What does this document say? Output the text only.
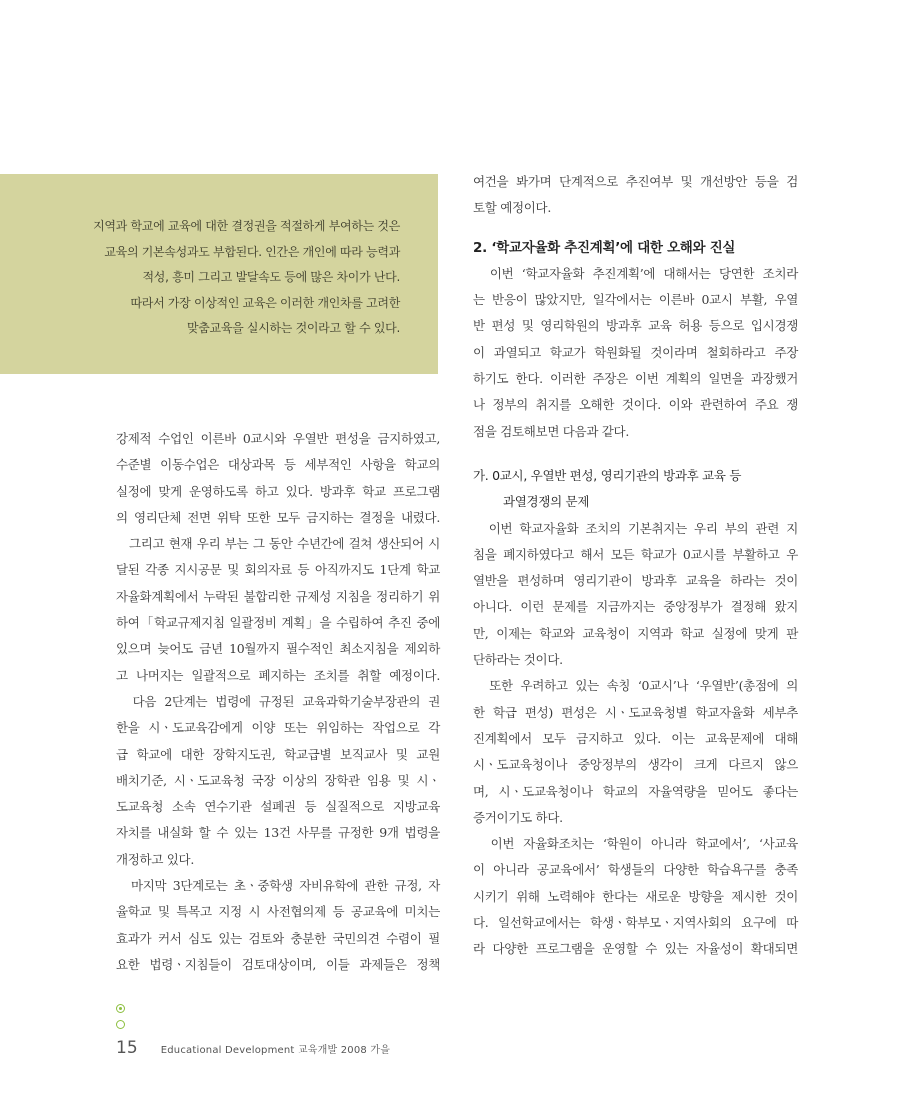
지역과 학교에 교육에 대한 결정권을 적절하게 부여하는 것은
교육의 기본속성과도 부합된다. 인간은 개인에 따라 능력과
적성, 흥미 그리고 발달속도 등에 많은 차이가 난다.
따라서 가장 이상적인 교육은 이러한 개인차를 고려한
맞춤교육을 실시하는 것이라고 할 수 있다.
강제적 수업인 이른바 0교시와 우열반 편성을 금지하였고,
수준별 이동수업은 대상과목 등 세부적인 사항을 학교의
실정에 맞게 운영하도록 하고 있다. 방과후 학교 프로그램
의 영리단체 전면 위탁 또한 모두 금지하는 결정을 내렸다.
　그리고 현재 우리 부는 그 동안 수년간에 걸쳐 생산되어 시
달된 각종 지시공문 및 회의자료 등 아직까지도 1단계 학교
자율화계획에서 누락된 불합리한 규제성 지침을 정리하기 위
하여「학교규제지침 일괄정비 계획」을 수립하여 추진 중에
있으며 늦어도 금년 10월까지 필수적인 최소지침을 제외하
고 나머지는 일괄적으로 폐지하는 조치를 취할 예정이다.
　다음 2단계는 법령에 규정된 교육과학기술부장관의 권
한을 시ㆍ도교육감에게 이양 또는 위임하는 작업으로 각
급 학교에 대한 장학지도권, 학교급별 보직교사 및 교원
배치기준, 시ㆍ도교육청 국장 이상의 장학관 임용 및 시ㆍ
도교육청 소속 연수기관 설폐권 등 실질적으로 지방교육
자치를 내실화 할 수 있는 13건 사무를 규정한 9개 법령을
개정하고 있다.
　마지막 3단계로는 초ㆍ중학생 자비유학에 관한 규정, 자
율학교 및 특목고 지정 시 사전협의제 등 공교육에 미치는
효과가 커서 심도 있는 검토와 충분한 국민의견 수렴이 필
요한 법령ㆍ지침들이 검토대상이며, 이들 과제들은 정책
여건을 봐가며 단계적으로 추진여부 및 개선방안 등을 검
토할 예정이다.
2. ‘학교자율화 추진계획’에 대한 오해와 진실
　이번 ‘학교자율화 추진계획’에 대해서는 당연한 조치라
는 반응이 많았지만, 일각에서는 이른바 0교시 부활, 우열
반 편성 및 영리학원의 방과후 교육 허용 등으로 입시경쟁
이 과열되고 학교가 학원화될 것이라며 철회하라고 주장
하기도 한다. 이러한 주장은 이번 계획의 일면을 과장했거
나 정부의 취지를 오해한 것이다. 이와 관련하여 주요 쟁
점을 검토해보면 다음과 같다.
가. 0교시, 우열반 편성, 영리기관의 방과후 교육 등
과열경쟁의 문제
　이번 학교자율화 조치의 기본취지는 우리 부의 관련 지
침을 폐지하였다고 해서 모든 학교가 0교시를 부활하고 우
열반을 편성하며 영리기관이 방과후 교육을 하라는 것이
아니다. 이런 문제를 지금까지는 중앙정부가 결정해 왔지
만, 이제는 학교와 교육청이 지역과 학교 실정에 맞게 판
단하라는 것이다.
　또한 우려하고 있는 속칭 ‘0교시’나 ‘우열반’(총점에 의
한 학급 편성) 편성은 시ㆍ도교육청별 학교자율화 세부추
진계획에서 모두 금지하고 있다. 이는 교육문제에 대해
시ㆍ도교육청이나 중앙정부의 생각이 크게 다르지 않으
며, 시ㆍ도교육청이나 학교의 자율역량을 믿어도 좋다는
증거이기도 하다.
　이번 자율화조치는 ‘학원이 아니라 학교에서’, ‘사교육
이 아니라 공교육에서’ 학생들의 다양한 학습욕구를 충족
시키기 위해 노력해야 한다는 새로운 방향을 제시한 것이
다. 일선학교에서는 학생ㆍ학부모ㆍ지역사회의 요구에 따
라 다양한 프로그램을 운영할 수 있는 자율성이 확대되면
15 Educational Development 교육개발 2008 가을
